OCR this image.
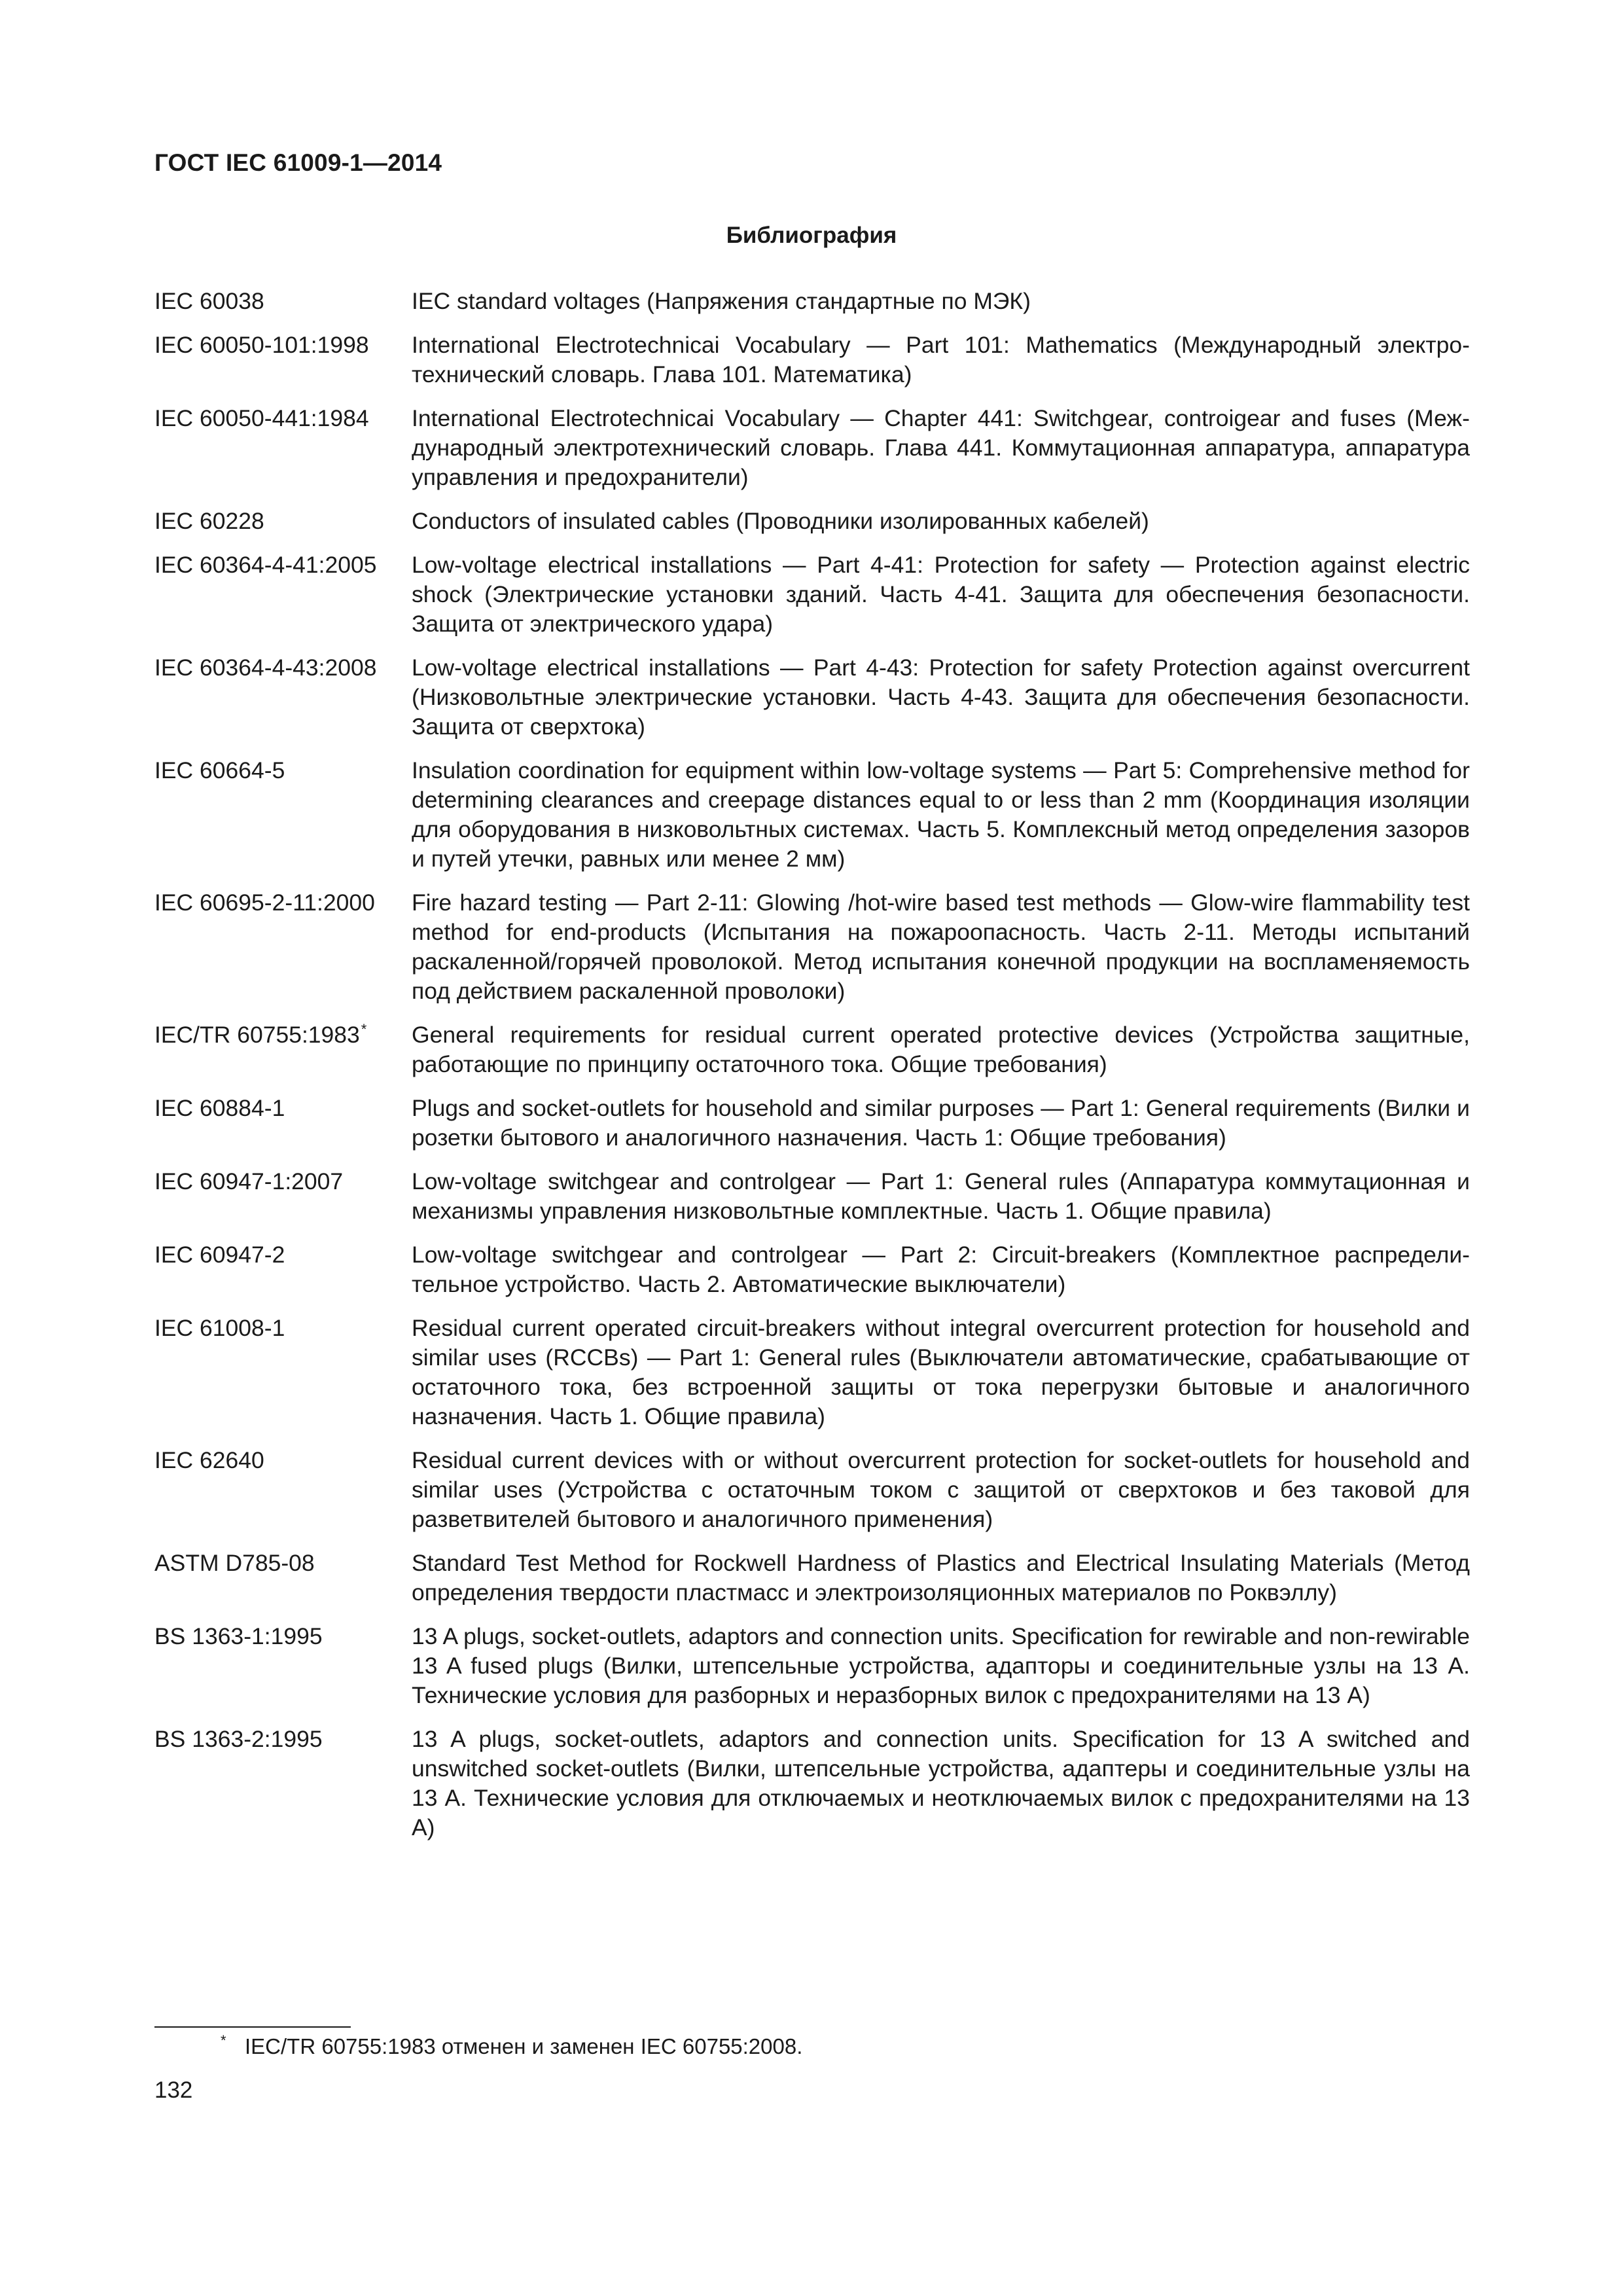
ГОСТ IEC 61009-1—2014
Библиография
IEC 60038	IEC standard voltages (Напряжения стандартные по МЭК)
IEC 60050-101:1998	International Electrotechnicai Vocabulary — Part 101: Mathematics (Международный электротехнический словарь. Глава 101. Математика)
IEC 60050-441:1984	International Electrotechnicai Vocabulary — Chapter 441: Switchgear, controigear and fuses (Международный электротехнический словарь. Глава 441. Коммутационная аппаратура, аппаратура управления и предохранители)
IEC 60228	Conductors of insulated cables (Проводники изолированных кабелей)
IEC 60364-4-41:2005	Low-voltage electrical installations — Part 4-41: Protection for safety — Protection against electric shock (Электрические установки зданий. Часть 4-41. Защита для обеспечения безопасности. Защита от электрического удара)
IEC 60364-4-43:2008	Low-voltage electrical installations — Part 4-43: Protection for safety Protection against overcurrent (Низковольтные электрические установки. Часть 4-43. Защита для обеспечения безопасности. Защита от сверхтока)
IEC 60664-5	Insulation coordination for equipment within low-voltage systems — Part 5: Comprehensive method for determining clearances and creepage distances equal to or less than 2 mm (Координация изоляции для оборудования в низковольтных системах. Часть 5. Комплексный метод определения зазоров и путей утечки, равных или менее 2 мм)
IEC 60695-2-11:2000	Fire hazard testing — Part 2-11: Glowing /hot-wire based test methods — Glow-wire flammability test method for end-products (Испытания на пожароопасность. Часть 2-11. Методы испытаний раскаленной/горячей проволокой. Метод испытания конечной продукции на воспламеняемость под действием раскаленной проволоки)
IEC/TR 60755:1983*	General requirements for residual current operated protective devices (Устройства защитные, работающие по принципу остаточного тока. Общие требования)
IEC 60884-1	Plugs and socket-outlets for household and similar purposes — Part 1: General requirements (Вилки и розетки бытового и аналогичного назначения. Часть 1: Общие требования)
IEC 60947-1:2007	Low-voltage switchgear and controlgear — Part 1: General rules (Аппаратура коммутационная и механизмы управления низковольтные комплектные. Часть 1. Общие правила)
IEC 60947-2	Low-voltage switchgear and controlgear — Part 2: Circuit-breakers (Комплектное распределительное устройство. Часть 2. Автоматические выключатели)
IEC 61008-1	Residual current operated circuit-breakers without integral overcurrent protection for household and similar uses (RCCBs) — Part 1: General rules (Выключатели автоматические, срабатывающие от остаточного тока, без встроенной защиты от тока перегрузки бытовые и аналогичного назначения. Часть 1. Общие правила)
IEC 62640	Residual current devices with or without overcurrent protection for socket-outlets for household and similar uses (Устройства с остаточным током с защитой от сверхтоков и без таковой для разветвителей бытового и аналогичного применения)
ASTM D785-08	Standard Test Method for Rockwell Hardness of Plastics and Electrical Insulating Materials (Метод определения твердости пластмасс и электроизоляционных материалов по Роквэллу)
BS 1363-1:1995	13 A plugs, socket-outlets, adaptors and connection units. Specification for rewirable and non-rewirable 13 A fused plugs (Вилки, штепсельные устройства, адапторы и соединительные узлы на 13 А. Технические условия для разборных и неразборных вилок с предохранителями на 13 А)
BS 1363-2:1995	13 A plugs, socket-outlets, adaptors and connection units. Specification for 13 A switched and unswitched socket-outlets (Вилки, штепсельные устройства, адаптеры и соединительные узлы на 13 А. Технические условия для отключаемых и неотключаемых вилок с предохранителями на 13 А)
* IEC/TR 60755:1983 отменен и заменен IEC 60755:2008.
132
